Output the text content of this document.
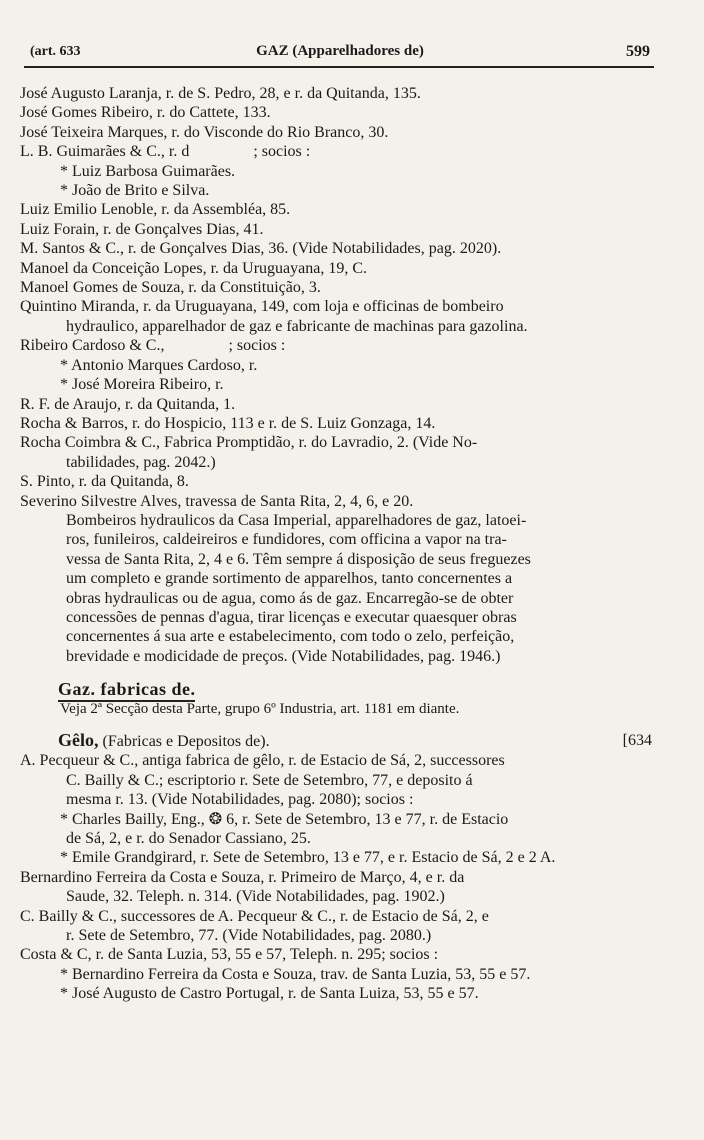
(art. 633	GAZ (Apparelhadores de)	599
José Augusto Laranja, r. de S. Pedro, 28, e r. da Quitanda, 135.
José Gomes Ribeiro, r. do Cattete, 133.
José Teixeira Marques, r. do Visconde do Rio Branco, 30.
L. B. Guimarães & C., r. d                ; socios :
* Luiz Barbosa Guimarães.
* João de Brito e Silva.
Luiz Emilio Lenoble, r. da Assembléa, 85.
Luiz Forain, r. de Gonçalves Dias, 41.
M. Santos & C., r. de Gonçalves Dias, 36. (Vide Notabilidades, pag. 2020).
Manoel da Conceição Lopes, r. da Uruguayana, 19, C.
Manoel Gomes de Souza, r. da Constituição, 3.
Quintino Miranda, r. da Uruguayana, 149, com loja e officinas de bombeiro
hydraulico, apparelhador de gaz e fabricante de machinas para gazolina.
Ribeiro Cardoso & C.,                ; socios :
* Antonio Marques Cardoso, r.
* José Moreira Ribeiro, r.
R. F. de Araujo, r. da Quitanda, 1.
Rocha & Barros, r. do Hospicio, 113 e r. de S. Luiz Gonzaga, 14.
Rocha Coimbra & C., Fabrica Promptidão, r. do Lavradio, 2. (Vide No-
tabilidades, pag. 2042.)
S. Pinto, r. da Quitanda, 8.
Severino Silvestre Alves, travessa de Santa Rita, 2, 4, 6, e 20.
Bombeiros hydraulicos da Casa Imperial, apparelhadores de gaz, latoei-
ros, funileiros, caldeireiros e fundidores, com officina a vapor na tra-
vessa de Santa Rita, 2, 4 e 6. Têm sempre á disposição de seus freguezes
um completo e grande sortimento de apparelhos, tanto concernentes a
obras hydraulicas ou de agua, como ás de gaz. Encarregão-se de obter
concessões de pennas d'agua, tirar licenças e executar quaesquer obras
concernentes á sua arte e estabelecimento, com todo o zelo, perfeição,
brevidade e modicidade de preços. (Vide Notabilidades, pag. 1946.)
Gaz. fabricas de.
Veja 2ª Secção desta Parte, grupo 6º Industria, art. 1181 em diante.
Gêlo, (Fabricas e Depositos de).	[634
A. Pecqueur & C., antiga fabrica de gêlo, r. de Estacio de Sá, 2, successores
C. Bailly & C.; escriptorio r. Sete de Setembro, 77, e deposito á
mesma r. 13. (Vide Notabilidades, pag. 2080); socios :
* Charles Bailly, Eng., ❂ 6, r. Sete de Setembro, 13 e 77, r. de Estacio
de Sá, 2, e r. do Senador Cassiano, 25.
* Emile Grandgirard, r. Sete de Setembro, 13 e 77, e r. Estacio de Sá, 2 e 2 A.
Bernardino Ferreira da Costa e Souza, r. Primeiro de Março, 4, e r. da
Saude, 32. Teleph. n. 314. (Vide Notabilidades, pag. 1902.)
C. Bailly & C., successores de A. Pecqueur & C., r. de Estacio de Sá, 2, e
r. Sete de Setembro, 77. (Vide Notabilidades, pag. 2080.)
Costa & C, r. de Santa Luzia, 53, 55 e 57, Teleph. n. 295; socios :
* Bernardino Ferreira da Costa e Souza, trav. de Santa Luzia, 53, 55 e 57.
* José Augusto de Castro Portugal, r. de Santa Luiza, 53, 55 e 57.
